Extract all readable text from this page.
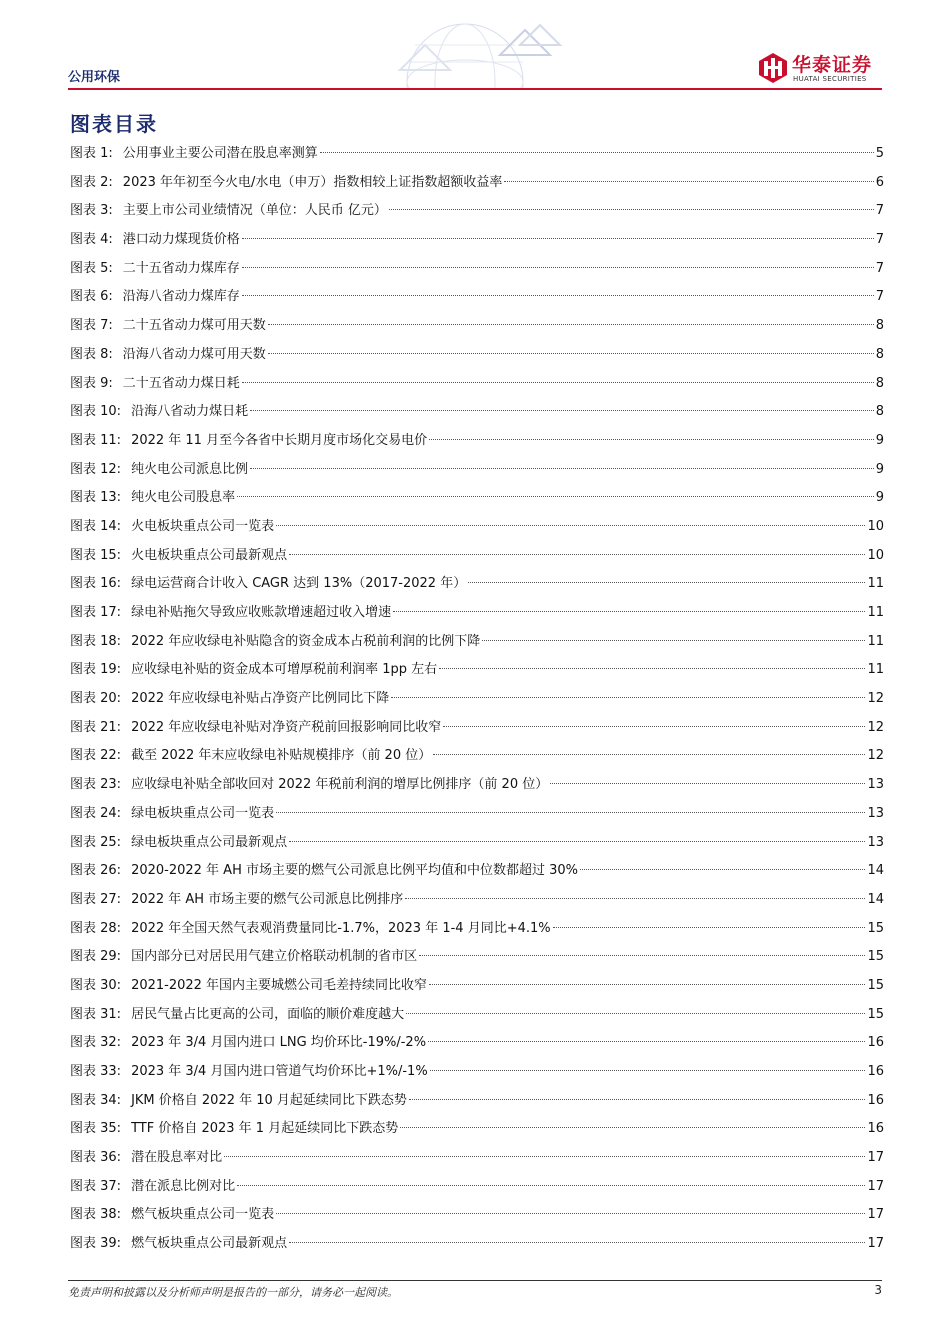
公用环保
华泰证券
HUATAI SECURITIES
图表目录
图表 1: 公用事业主要公司潜在股息率测算	5
图表 2: 2023 年年初至今火电/水电（申万）指数相较上证指数超额收益率	6
图表 3: 主要上市公司业绩情况（单位：人民币 亿元）	7
图表 4: 港口动力煤现货价格	7
图表 5: 二十五省动力煤库存	7
图表 6: 沿海八省动力煤库存	7
图表 7: 二十五省动力煤可用天数	8
图表 8: 沿海八省动力煤可用天数	8
图表 9: 二十五省动力煤日耗	8
图表 10: 沿海八省动力煤日耗	8
图表 11: 2022 年 11 月至今各省中长期月度市场化交易电价	9
图表 12: 纯火电公司派息比例	9
图表 13: 纯火电公司股息率	9
图表 14: 火电板块重点公司一览表	10
图表 15: 火电板块重点公司最新观点	10
图表 16: 绿电运营商合计收入 CAGR 达到 13%（2017-2022 年）	11
图表 17: 绿电补贴拖欠导致应收账款增速超过收入增速	11
图表 18: 2022 年应收绿电补贴隐含的资金成本占税前利润的比例下降	11
图表 19: 应收绿电补贴的资金成本可增厚税前利润率 1pp 左右	11
图表 20: 2022 年应收绿电补贴占净资产比例同比下降	12
图表 21: 2022 年应收绿电补贴对净资产税前回报影响同比收窄	12
图表 22: 截至 2022 年末应收绿电补贴规模排序（前 20 位）	12
图表 23: 应收绿电补贴全部收回对 2022 年税前利润的增厚比例排序（前 20 位）	13
图表 24: 绿电板块重点公司一览表	13
图表 25: 绿电板块重点公司最新观点	13
图表 26: 2020-2022 年 AH 市场主要的燃气公司派息比例平均值和中位数都超过 30%	14
图表 27: 2022 年 AH 市场主要的燃气公司派息比例排序	14
图表 28: 2022 年全国天然气表观消费量同比-1.7%，2023 年 1-4 月同比+4.1%	15
图表 29: 国内部分已对居民用气建立价格联动机制的省市区	15
图表 30: 2021-2022 年国内主要城燃公司毛差持续同比收窄	15
图表 31: 居民气量占比更高的公司，面临的顺价难度越大	15
图表 32: 2023 年 3/4 月国内进口 LNG 均价环比-19%/-2%	16
图表 33: 2023 年 3/4 月国内进口管道气均价环比+1%/-1%	16
图表 34: JKM 价格自 2022 年 10 月起延续同比下跌态势	16
图表 35: TTF 价格自 2023 年 1 月起延续同比下跌态势	16
图表 36: 潜在股息率对比	17
图表 37: 潜在派息比例对比	17
图表 38: 燃气板块重点公司一览表	17
图表 39: 燃气板块重点公司最新观点	17
免责声明和披露以及分析师声明是报告的一部分，请务必一起阅读。	3
